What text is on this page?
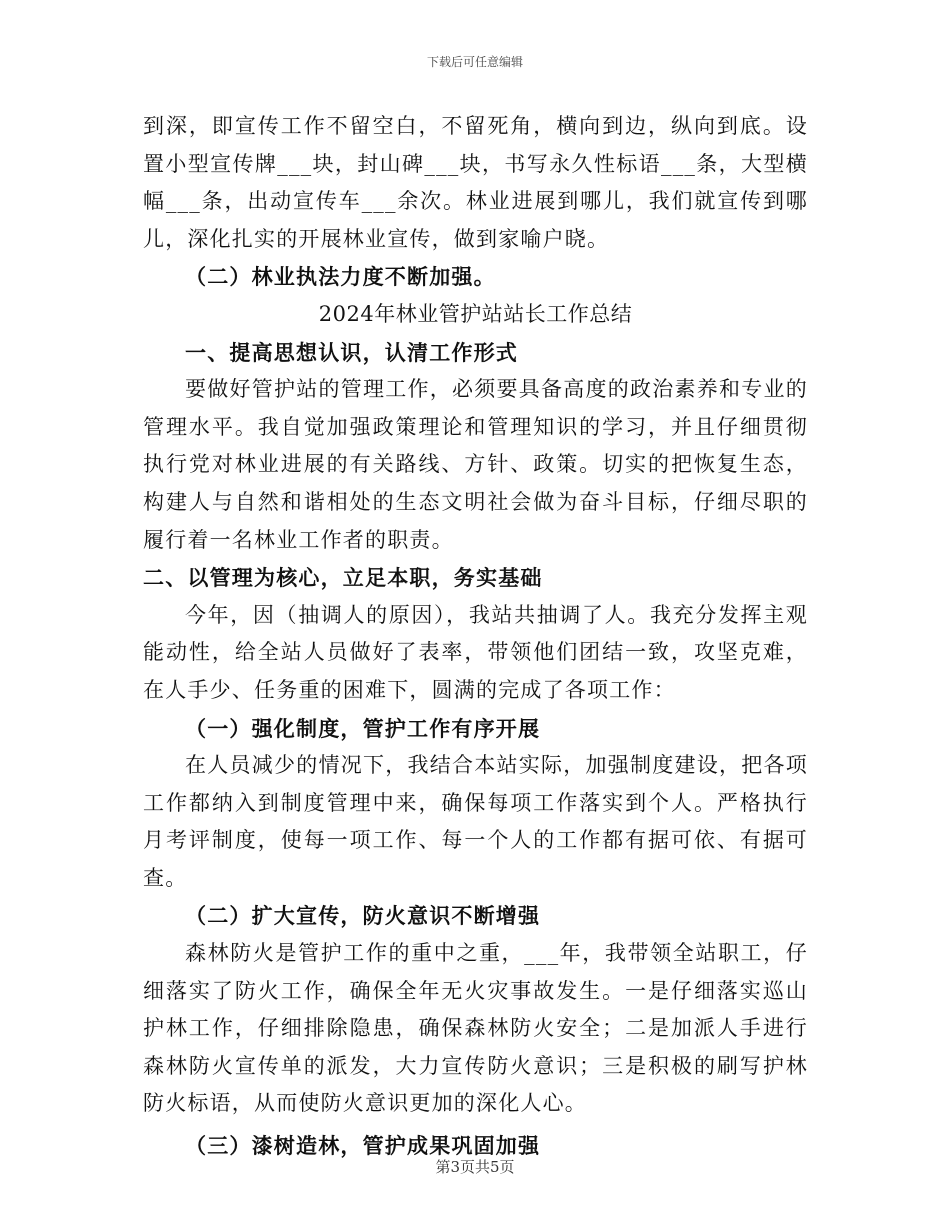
下载后可任意编辑

到深，即宣传工作不留空白，不留死角，横向到边，纵向到底。设置小型宣传牌___块，封山碑___块，书写永久性标语___条，大型横幅___条，出动宣传车___余次。林业进展到哪儿，我们就宣传到哪儿，深化扎实的开展林业宣传，做到家喻户晓。

（二）林业执法力度不断加强。

2024年林业管护站站长工作总结

一、提高思想认识，认清工作形式

要做好管护站的管理工作，必须要具备高度的政治素养和专业的管理水平。我自觉加强政策理论和管理知识的学习，并且仔细贯彻执行党对林业进展的有关路线、方针、政策。切实的把恢复生态，构建人与自然和谐相处的生态文明社会做为奋斗目标，仔细尽职的履行着一名林业工作者的职责。

二、以管理为核心，立足本职，务实基础

今年，因（抽调人的原因），我站共抽调了人。我充分发挥主观能动性，给全站人员做好了表率，带领他们团结一致，攻坚克难，在人手少、任务重的困难下，圆满的完成了各项工作：

（一）强化制度，管护工作有序开展

在人员减少的情况下，我结合本站实际，加强制度建设，把各项工作都纳入到制度管理中来，确保每项工作落实到个人。严格执行月考评制度，使每一项工作、每一个人的工作都有据可依、有据可查。

（二）扩大宣传，防火意识不断增强

森林防火是管护工作的重中之重，___年，我带领全站职工，仔细落实了防火工作，确保全年无火灾事故发生。一是仔细落实巡山护林工作，仔细排除隐患，确保森林防火安全；二是加派人手进行森林防火宣传单的派发，大力宣传防火意识；三是积极的刷写护林防火标语，从而使防火意识更加的深化人心。

（三）漆树造林，管护成果巩固加强

第3页共5页
